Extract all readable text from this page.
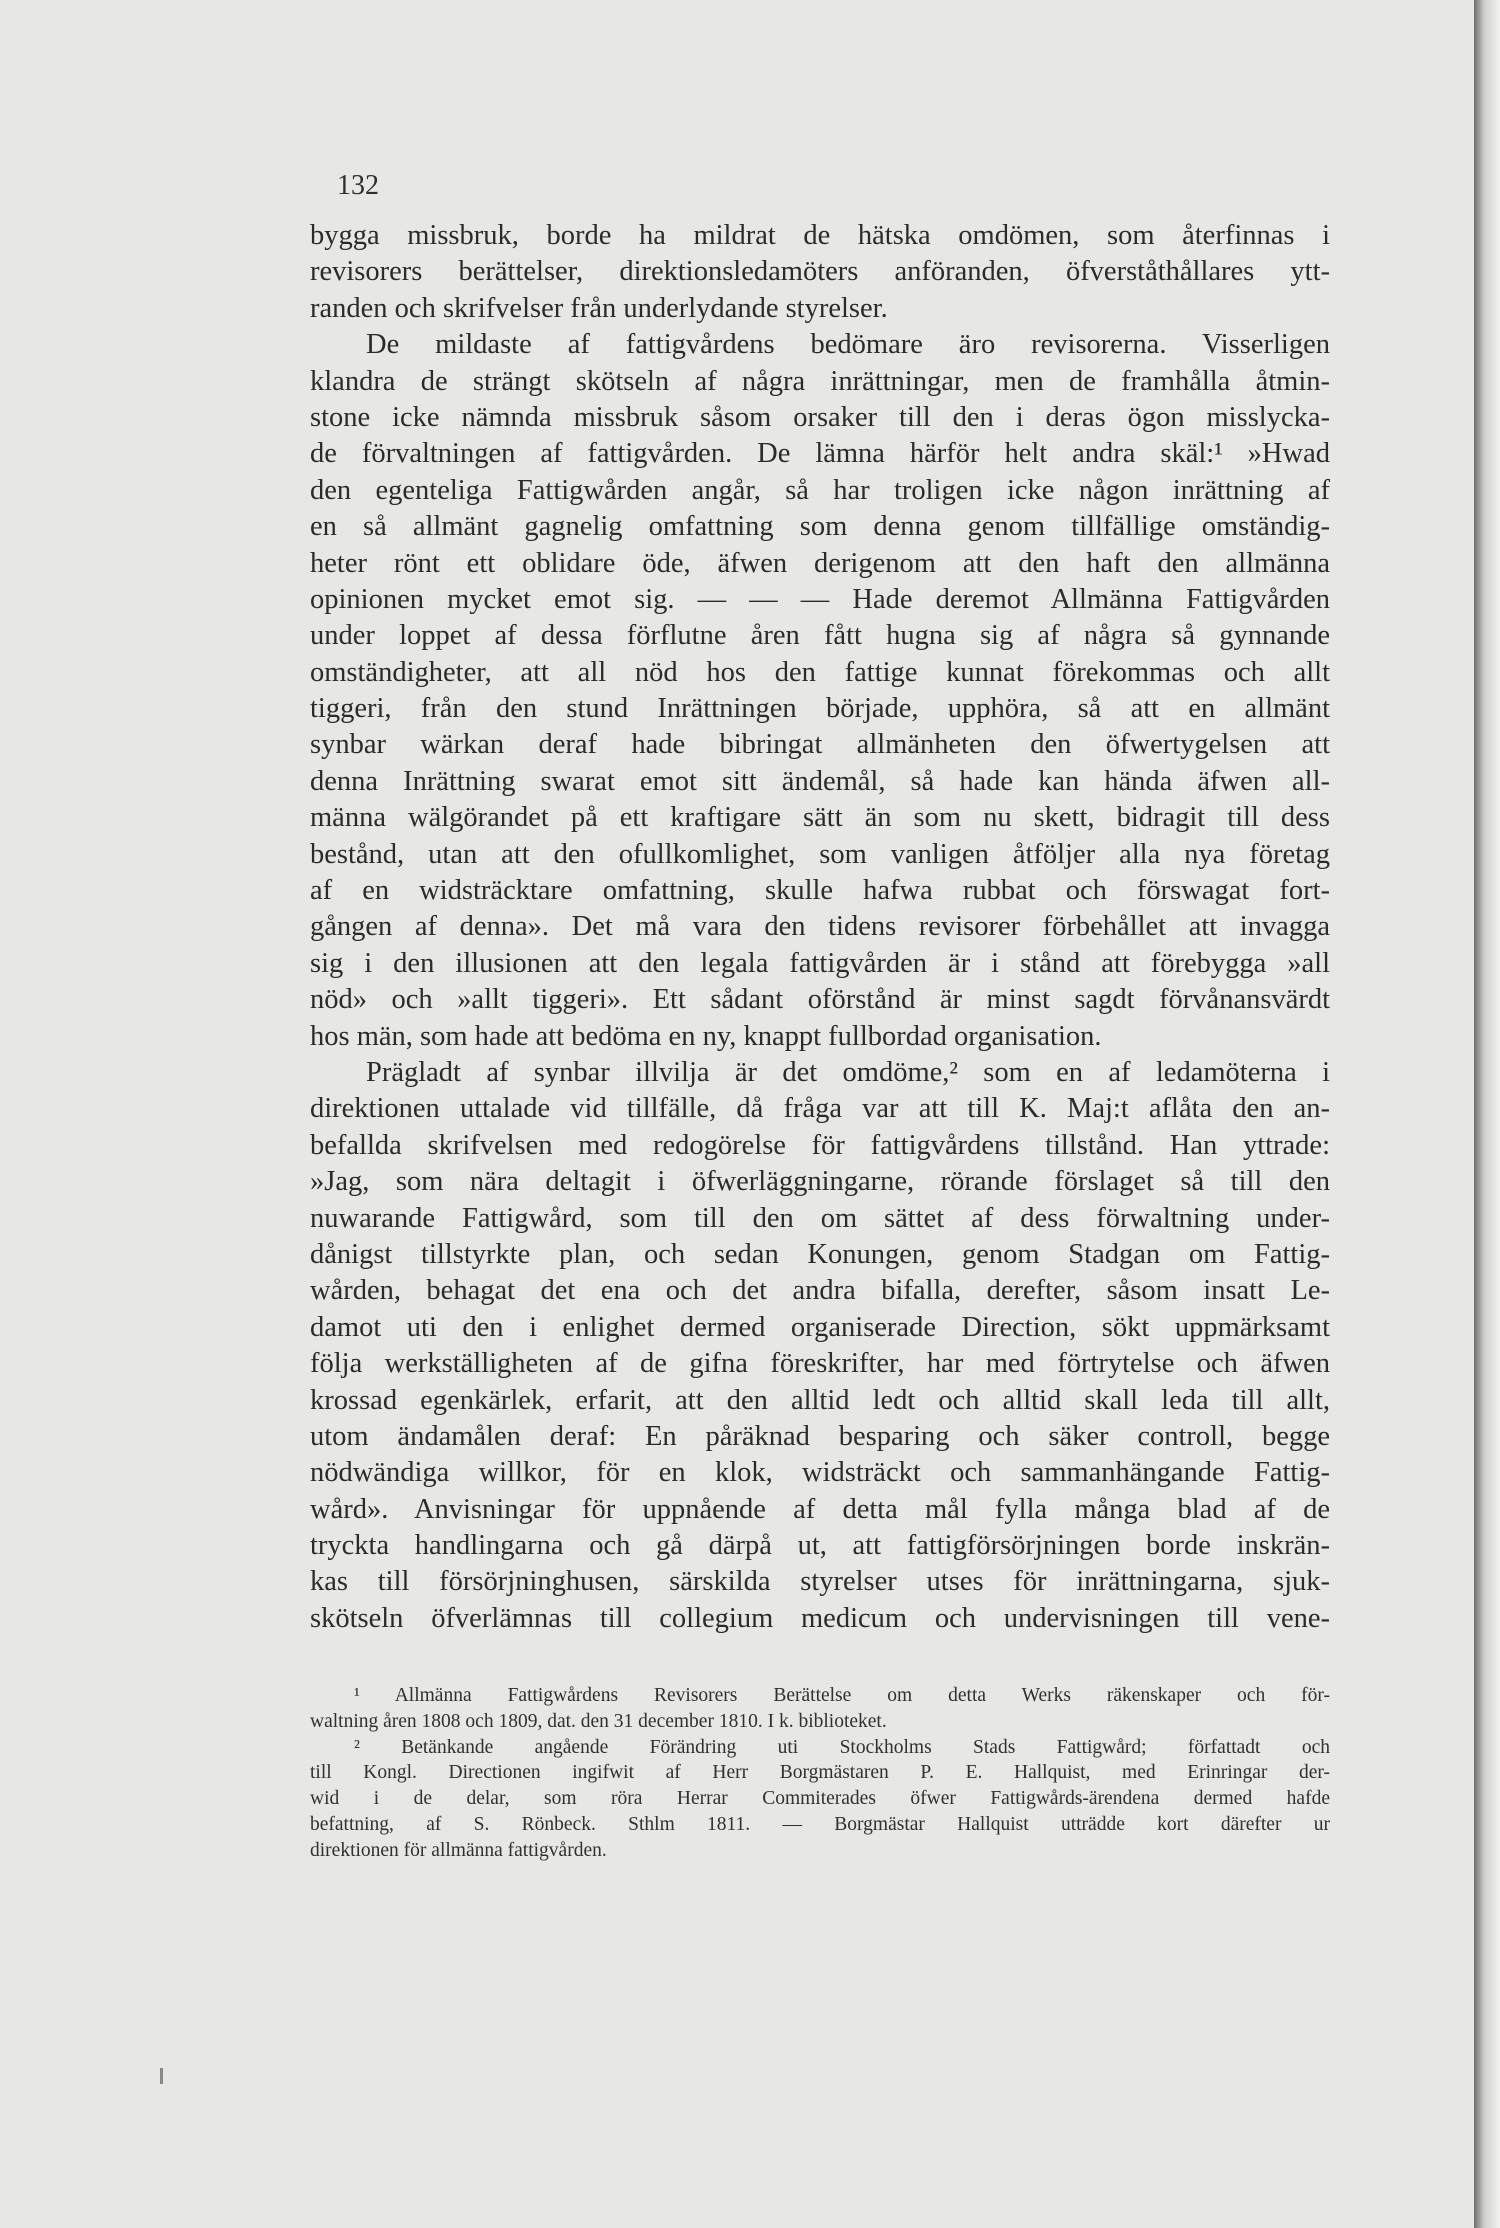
132
bygga missbruk, borde ha mildrat de hätska omdömen, som återfinnas i
revisorers berättelser, direktionsledamöters anföranden, öfverståthållares ytt-
randen och skrifvelser från underlydande styrelser.
De mildaste af fattigvårdens bedömare äro revisorerna. Visserligen
klandra de strängt skötseln af några inrättningar, men de framhålla åtmin-
stone icke nämnda missbruk såsom orsaker till den i deras ögon misslycka-
de förvaltningen af fattigvården. De lämna härför helt andra skäl:¹ »Hwad
den egenteliga Fattigwården angår, så har troligen icke någon inrättning af
en så allmänt gagnelig omfattning som denna genom tillfällige omständig-
heter rönt ett oblidare öde, äfwen derigenom att den haft den allmänna
opinionen mycket emot sig. — — — Hade deremot Allmänna Fattigvården
under loppet af dessa förflutne åren fått hugna sig af några så gynnande
omständigheter, att all nöd hos den fattige kunnat förekommas och allt
tiggeri, från den stund Inrättningen började, upphöra, så att en allmänt
synbar wärkan deraf hade bibringat allmänheten den öfwertygelsen att
denna Inrättning swarat emot sitt ändemål, så hade kan hända äfwen all-
männa wälgörandet på ett kraftigare sätt än som nu skett, bidragit till dess
bestånd, utan att den ofullkomlighet, som vanligen åtföljer alla nya företag
af en widsträcktare omfattning, skulle hafwa rubbat och förswagat fort-
gången af denna». Det må vara den tidens revisorer förbehållet att invagga
sig i den illusionen att den legala fattigvården är i stånd att förebygga »all
nöd» och »allt tiggeri». Ett sådant oförstånd är minst sagdt förvånansvärdt
hos män, som hade att bedöma en ny, knappt fullbordad organisation.
Prägladt af synbar illvilja är det omdöme,² som en af ledamöterna i
direktionen uttalade vid tillfälle, då fråga var att till K. Maj:t aflåta den an-
befallda skrifvelsen med redogörelse för fattigvårdens tillstånd. Han yttrade:
»Jag, som nära deltagit i öfwerläggningarne, rörande förslaget så till den
nuwarande Fattigwård, som till den om sättet af dess förwaltning under-
dånigst tillstyrkte plan, och sedan Konungen, genom Stadgan om Fattig-
wården, behagat det ena och det andra bifalla, derefter, såsom insatt Le-
damot uti den i enlighet dermed organiserade Direction, sökt uppmärksamt
följa werkställigheten af de gifna föreskrifter, har med förtrytelse och äfwen
krossad egenkärlek, erfarit, att den alltid ledt och alltid skall leda till allt,
utom ändamålen deraf: En påräknad besparing och säker controll, begge
nödwändiga willkor, för en klok, widsträckt och sammanhängande Fattig-
wård». Anvisningar för uppnående af detta mål fylla många blad af de
tryckta handlingarna och gå därpå ut, att fattigförsörjningen borde inskrän-
kas till försörjninghusen, särskilda styrelser utses för inrättningarna, sjuk-
skötseln öfverlämnas till collegium medicum och undervisningen till vene-
¹ Allmänna Fattigwårdens Revisorers Berättelse om detta Werks räkenskaper och för-
waltning åren 1808 och 1809, dat. den 31 december 1810. I k. biblioteket.
² Betänkande angående Förändring uti Stockholms Stads Fattigwård; författadt och
till Kongl. Directionen ingifwit af Herr Borgmästaren P. E. Hallquist, med Erinringar der-
wid i de delar, som röra Herrar Commiterades öfwer Fattigwårds-ärendena dermed hafde
befattning, af S. Rönbeck. Sthlm 1811. — Borgmästar Hallquist utträdde kort därefter ur
direktionen för allmänna fattigvården.
